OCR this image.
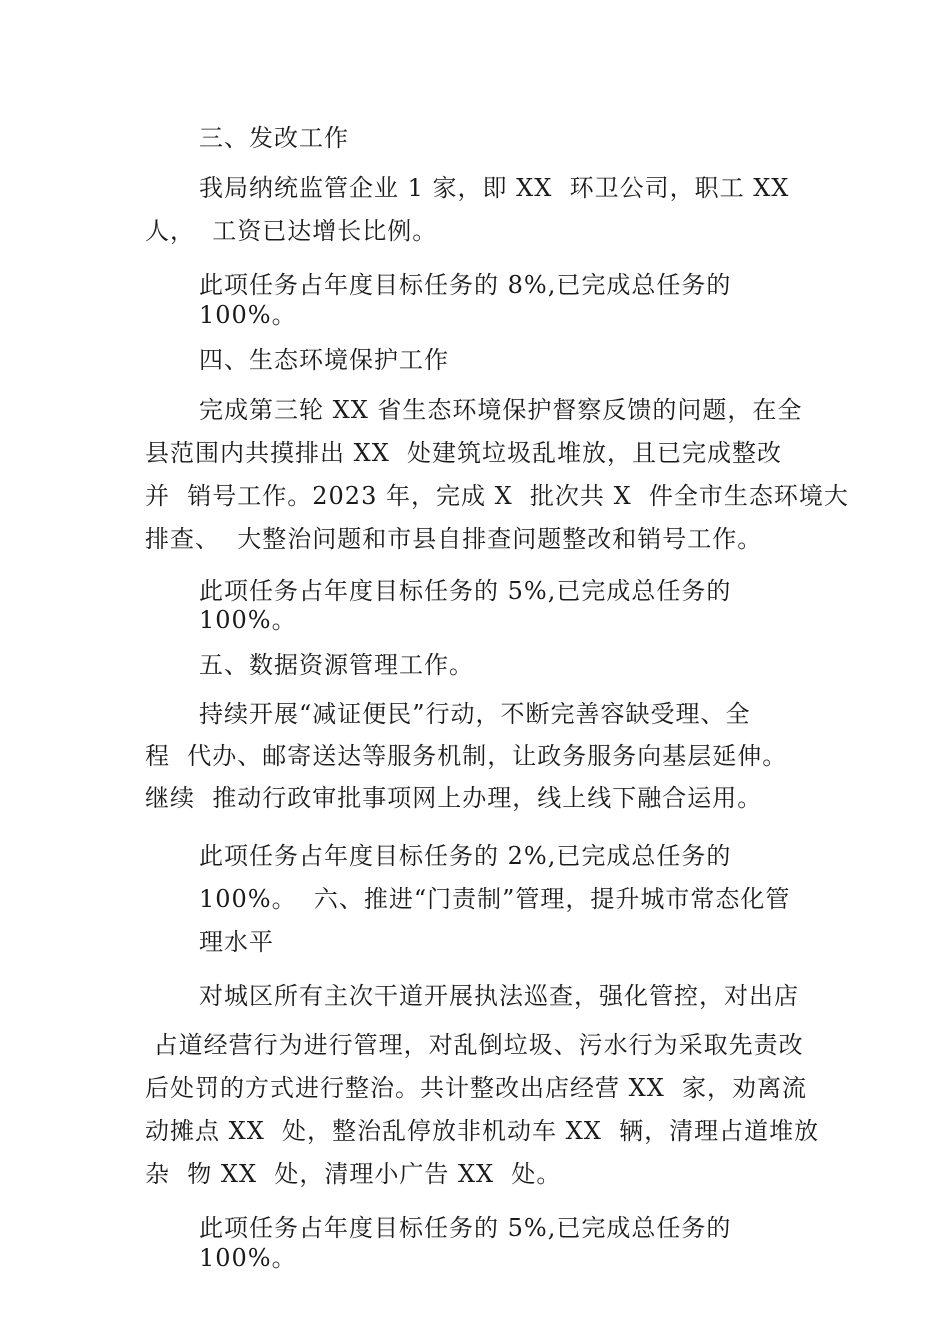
三、发改工作
我局纳统监管企业 1 家，即 XX  环卫公司，职工 XX
人，  工资已达增长比例。
此项任务占年度目标任务的 8%,已完成总任务的
100%。
四、生态环境保护工作
完成第三轮 XX 省生态环境保护督察反馈的问题，在全
县范围内共摸排出 XX  处建筑垃圾乱堆放，且已完成整改
并  销号工作。2023 年，完成 X  批次共 X  件全市生态环境大
排查、  大整治问题和市县自排查问题整改和销号工作。
此项任务占年度目标任务的 5%,已完成总任务的
100%。
五、数据资源管理工作。
持续开展“减证便民”行动，不断完善容缺受理、全
程  代办、邮寄送达等服务机制，让政务服务向基层延伸。
继续  推动行政审批事项网上办理，线上线下融合运用。
此项任务占年度目标任务的 2%,已完成总任务的
100%。  六、推进“门责制”管理，提升城市常态化管
理水平
对城区所有主次干道开展执法巡查，强化管控，对出店
占道经营行为进行管理，对乱倒垃圾、污水行为采取先责改
后处罚的方式进行整治。共计整改出店经营 XX  家，劝离流
动摊点 XX  处，整治乱停放非机动车 XX  辆，清理占道堆放
杂  物 XX  处，清理小广告 XX  处。
此项任务占年度目标任务的 5%,已完成总任务的
100%。
